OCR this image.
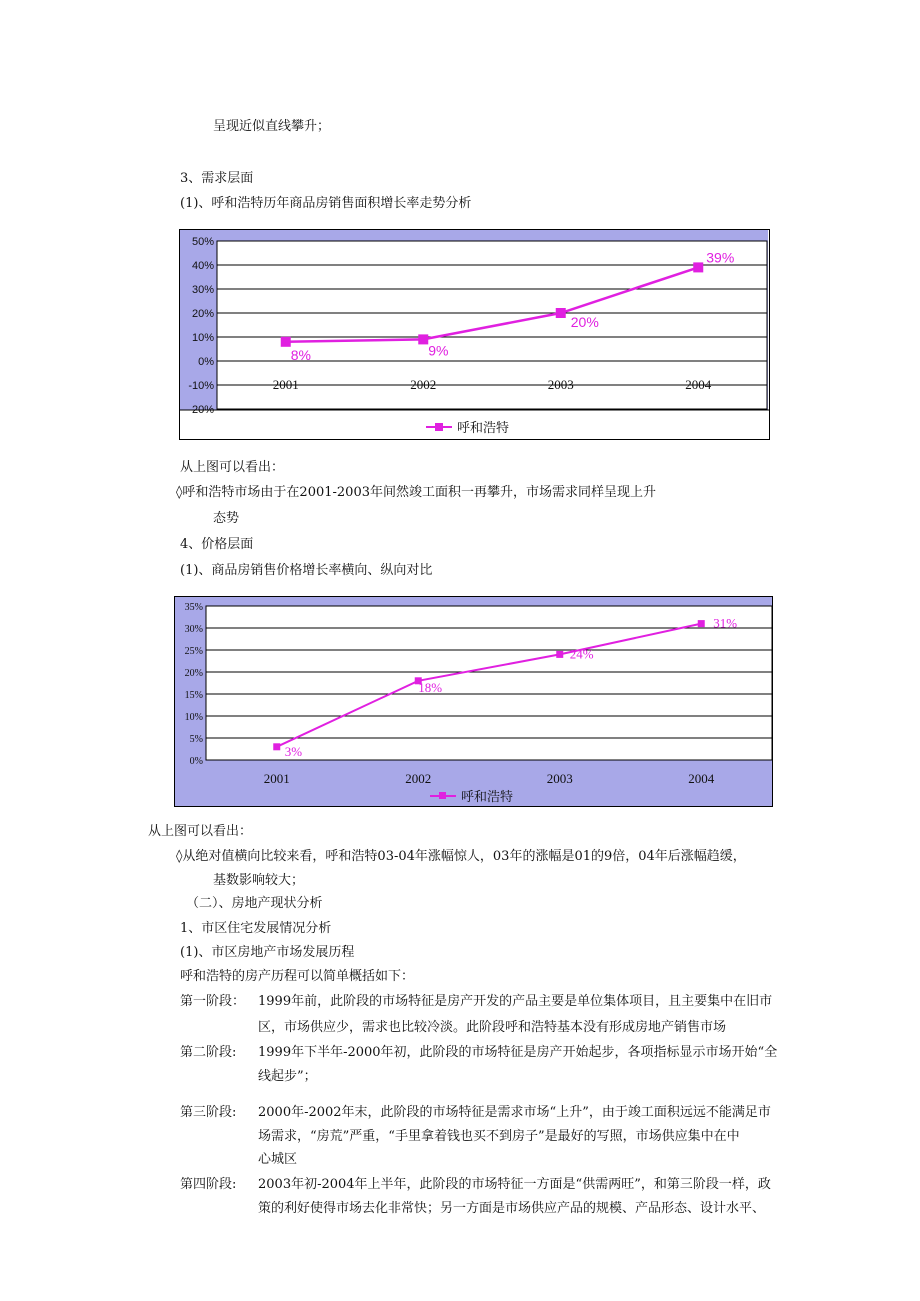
呈现近似直线攀升；
3、需求层面
(1)、呼和浩特历年商品房销售面积增长率走势分析
50%
40%
30%
20%
10%
0%
-10%
-20%
2001	2002	2003	2004
8%	9%
20%
39%
呼和浩特
从上图可以看出：
◊呼和浩特市场由于在2001-2003年间然竣工面积一再攀升，市场需求同样呈现上升
态势
4、价格层面
(1)、商品房销售价格增长率横向、纵向对比
35%
30%
25%
20%
15%
10%
5%
0%
2001	2002	2003	2004
3%
18%
24%
31%
呼和浩特
从上图可以看出：
◊从绝对值横向比较来看，呼和浩特03-04年涨幅惊人，03年的涨幅是01的9倍，04年后涨幅趋缓，
基数影响较大；
（二）、房地产现状分析
1、市区住宅发展情况分析
(1)、市区房地产市场发展历程
呼和浩特的房产历程可以简单概括如下：
第一阶段： 1999年前，此阶段的市场特征是房产开发的产品主要是单位集体项目，且主要集中在旧市
区，市场供应少，需求也比较冷淡。此阶段呼和浩特基本没有形成房地产销售市场
第二阶段: 1999年下半年-2000年初，此阶段的市场特征是房产开始起步，各项指标显示市场开始“全
线起步”；
第三阶段: 2000年-2002年末，此阶段的市场特征是需求市场“上升”，由于竣工面积远远不能满足市
场需求，“房荒”严重，“手里拿着钱也买不到房子”是最好的写照，市场供应集中在中
心城区
第四阶段: 2003年初-2004年上半年，此阶段的市场特征一方面是“供需两旺”，和第三阶段一样，政
策的利好使得市场去化非常快；另一方面是市场供应产品的规模、产品形态、设计水平、
